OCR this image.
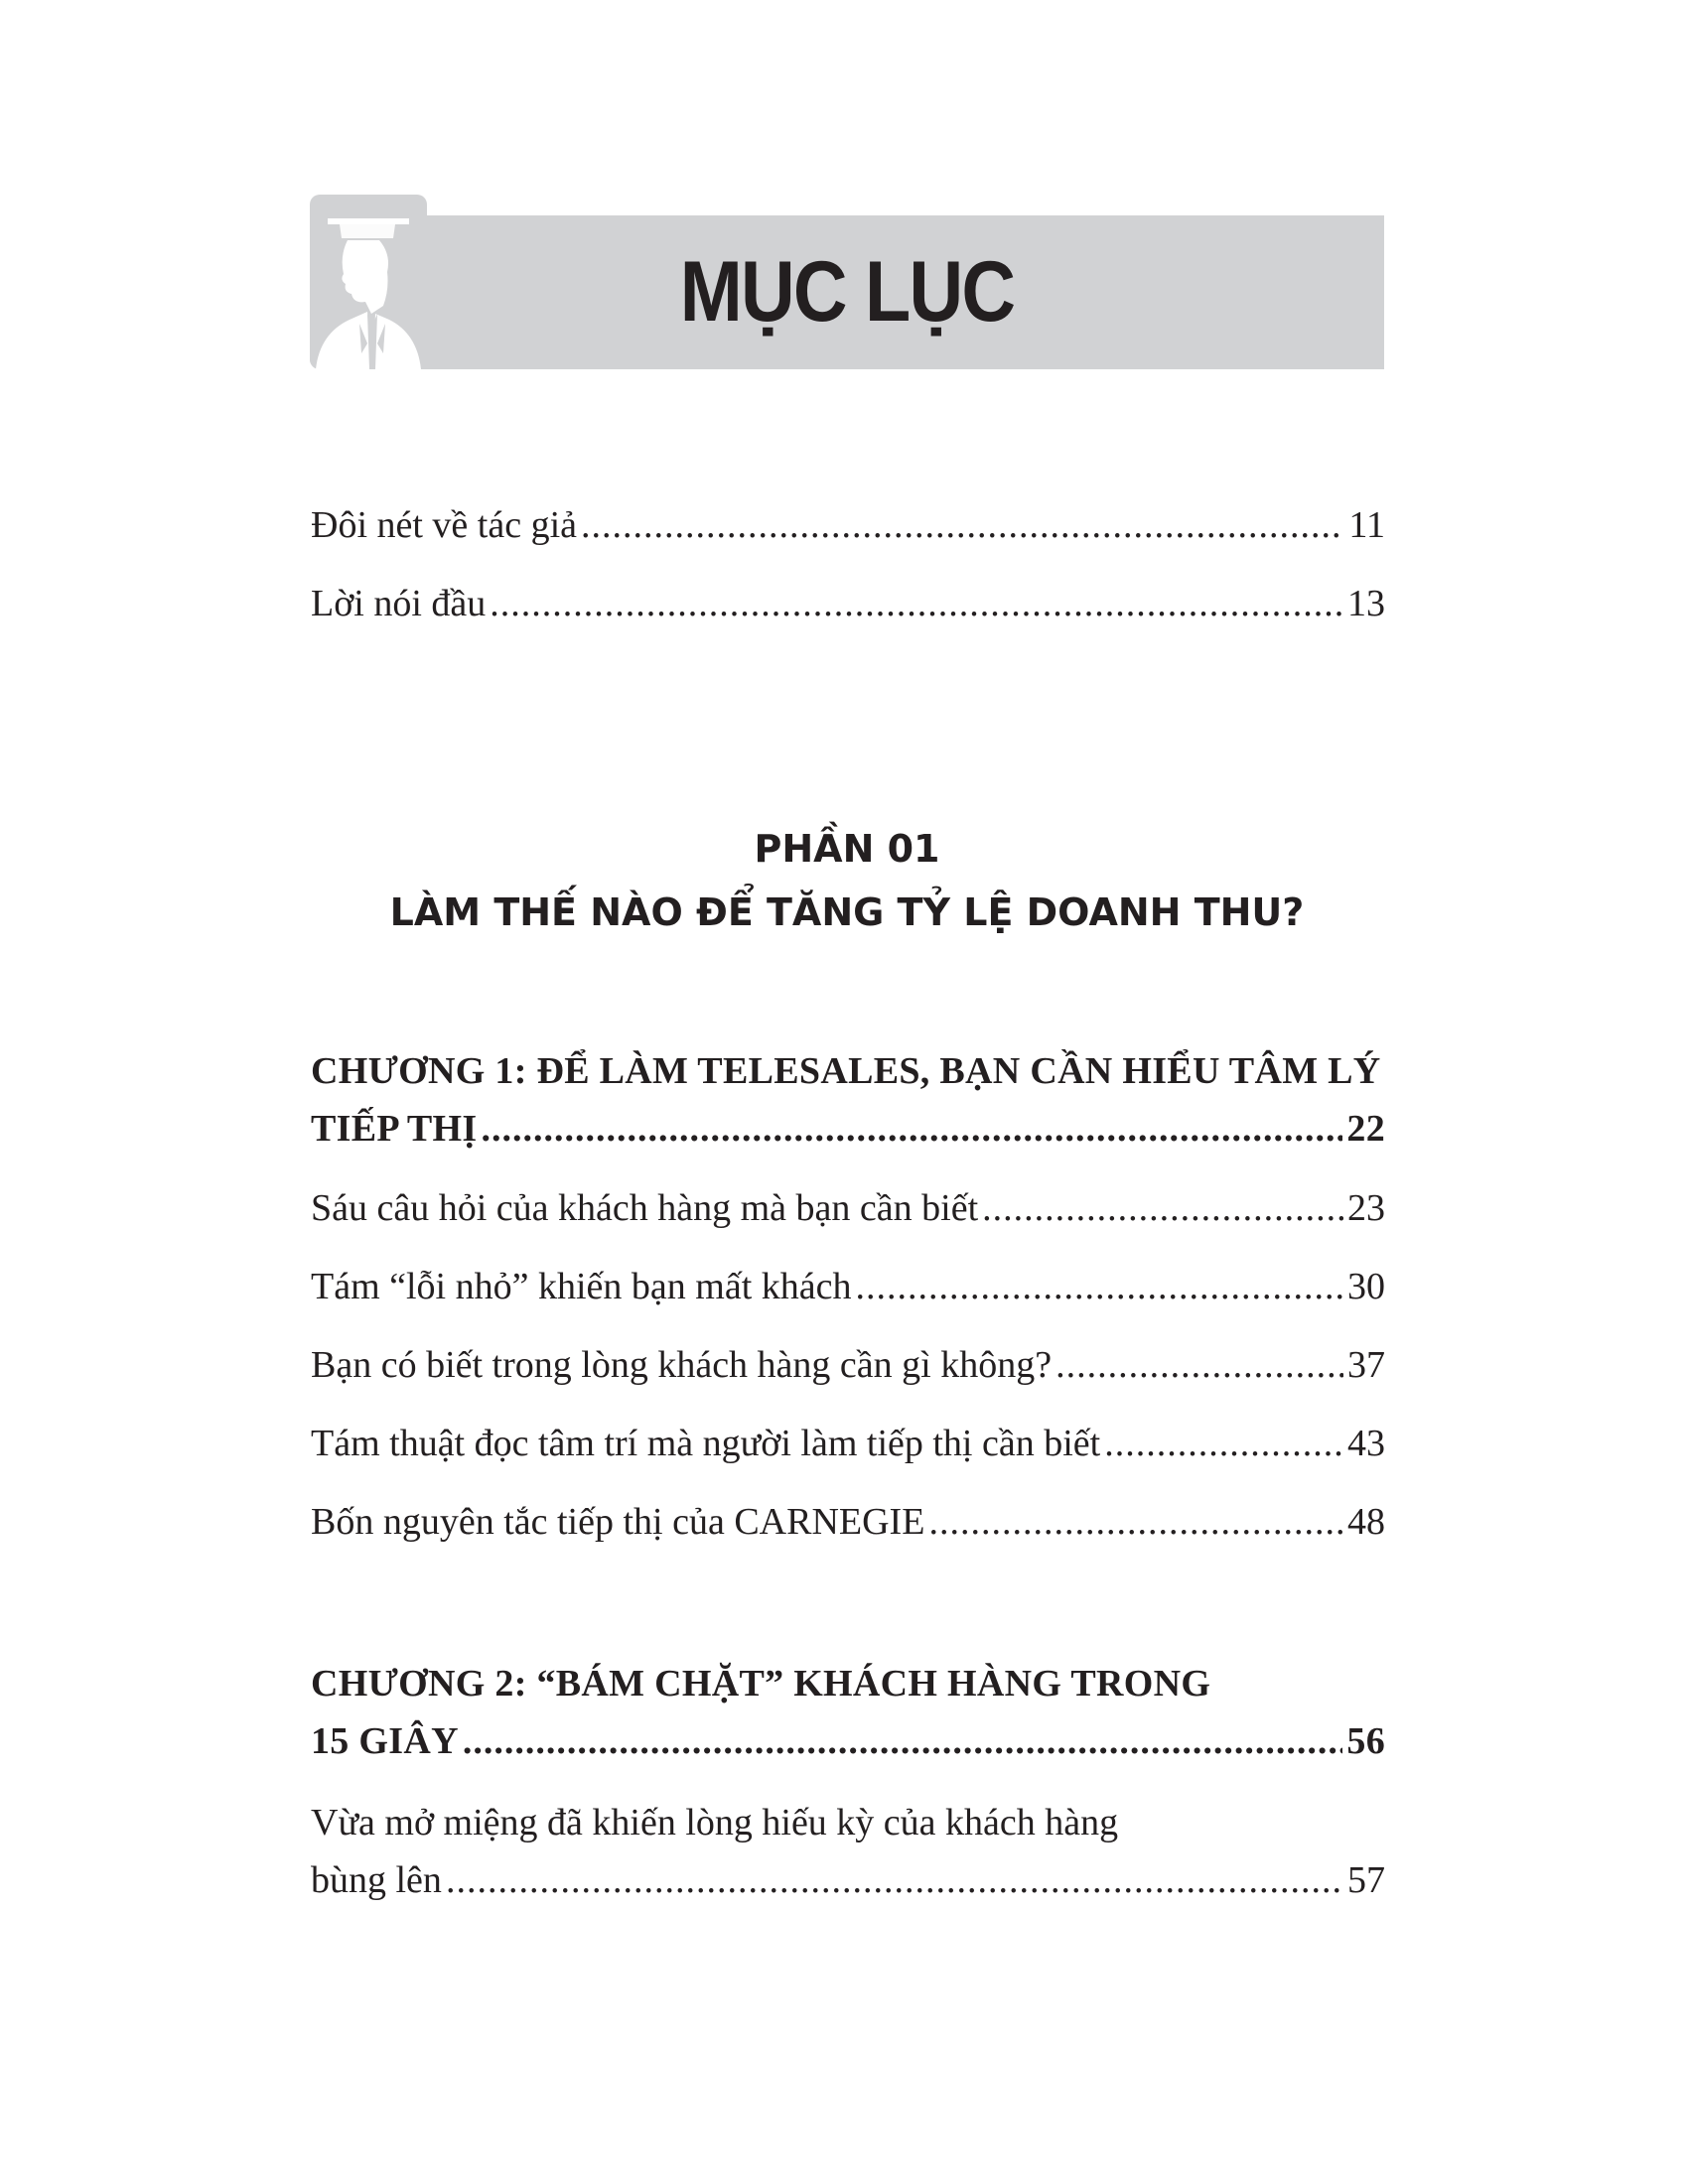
MỤC LỤC
Đôi nét về tác giả .....	11
Lời nói đầu .....	13
PHẦN 01
LÀM THẾ NÀO ĐỂ TĂNG TỶ LỆ DOANH THU?
CHƯƠNG 1: ĐỂ LÀM TELESALES, BẠN CẦN HIỂU TÂM LÝ
TIẾP THỊ .....	22
Sáu câu hỏi của khách hàng mà bạn cần biết .....	23
Tám “lỗi nhỏ” khiến bạn mất khách .....	30
Bạn có biết trong lòng khách hàng cần gì không? .....	37
Tám thuật đọc tâm trí mà người làm tiếp thị cần biết .....	43
Bốn nguyên tắc tiếp thị của CARNEGIE .....	48
CHƯƠNG 2: “BÁM CHẶT” KHÁCH HÀNG TRONG
15 GIÂY .....	56
Vừa mở miệng đã khiến lòng hiếu kỳ của khách hàng
bùng lên .....	57
